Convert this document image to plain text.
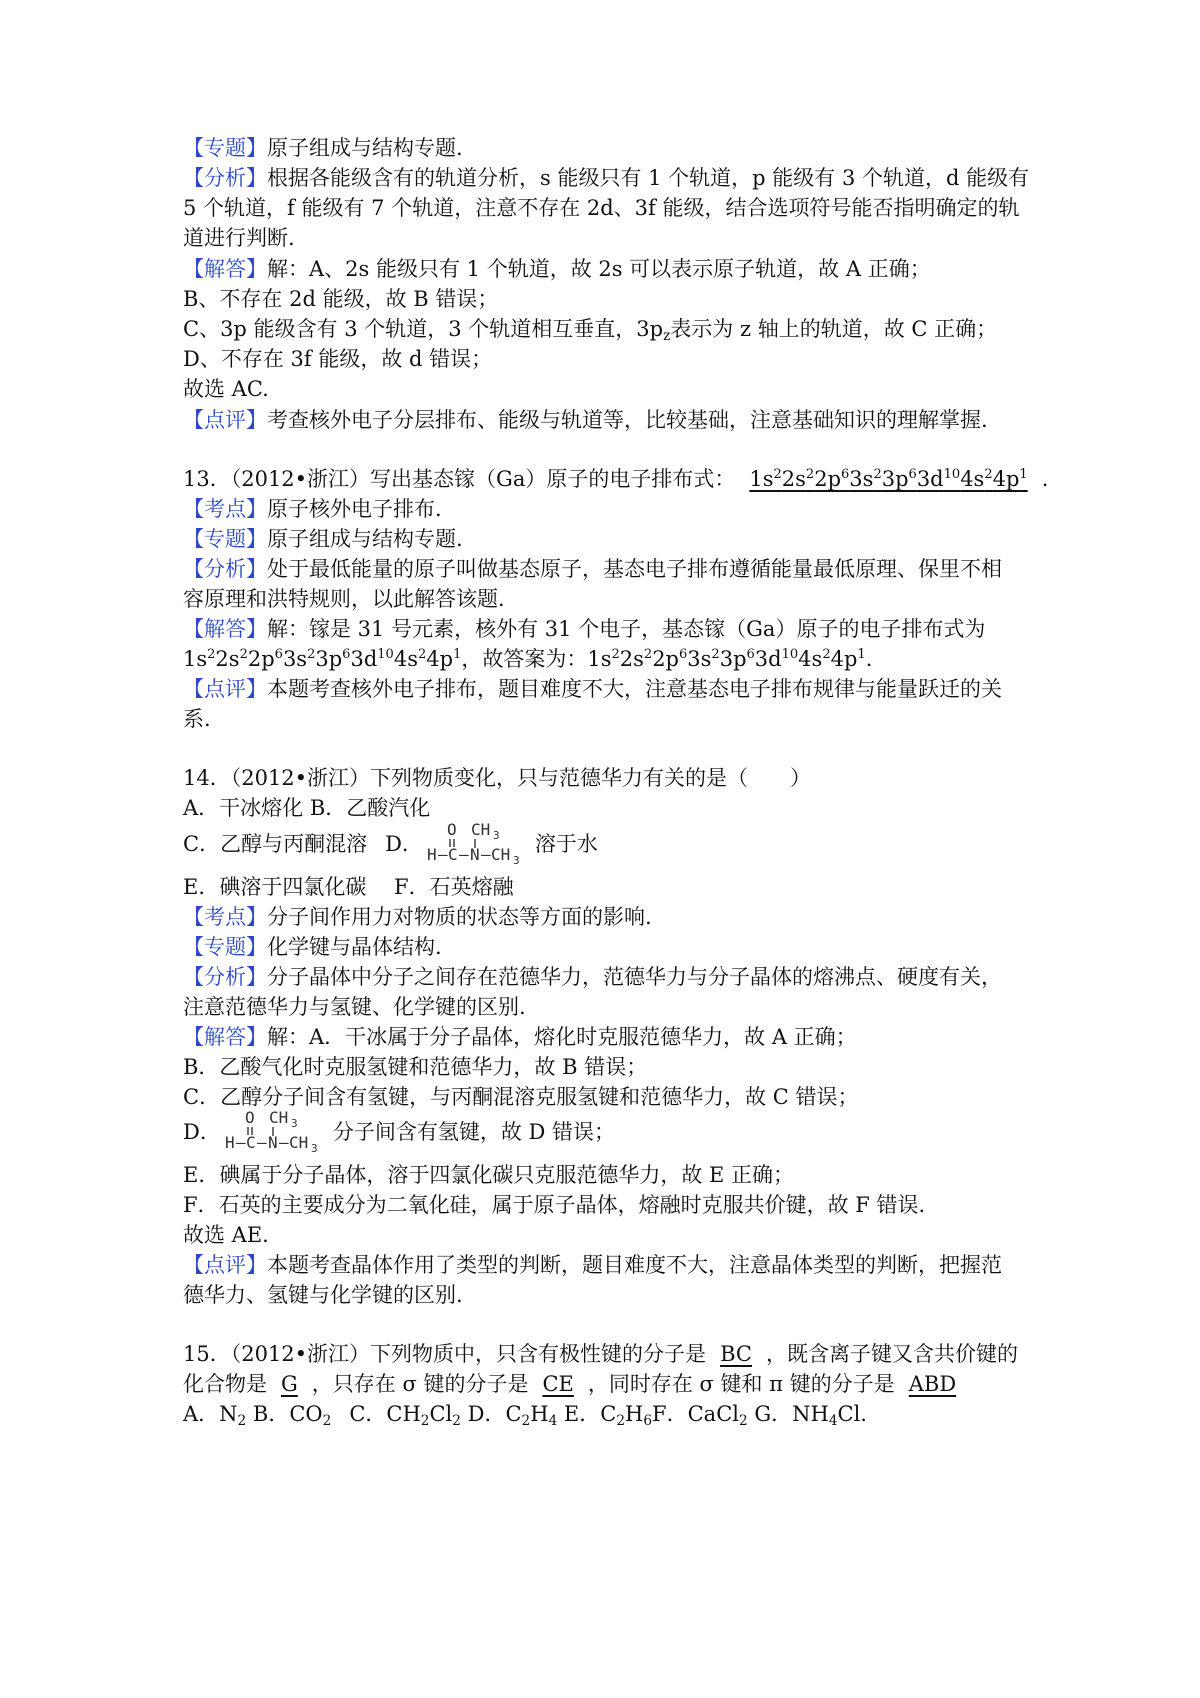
【专题】原子组成与结构专题.
【分析】根据各能级含有的轨道分析，s 能级只有 1 个轨道，p 能级有 3 个轨道，d 能级有
5 个轨道，f 能级有 7 个轨道，注意不存在 2d、3f 能级，结合选项符号能否指明确定的轨
道进行判断.
【解答】解：A、2s 能级只有 1 个轨道，故 2s 可以表示原子轨道，故 A 正确；
B、不存在 2d 能级，故 B 错误；
C、3p 能级含有 3 个轨道，3 个轨道相互垂直，$3p_z$表示为 z 轴上的轨道，故 C 正确；
D、不存在 3f 能级，故 d 错误；
故选 AC.
【点评】考查核外电子分层排布、能级与轨道等，比较基础，注意基础知识的理解掌握.
13．（2012•浙江）写出基态镓（Ga）原子的电子排布式： $1s^22s^22p^63s^23p^63d^{10}4s^24p^1$ .
【考点】原子核外电子排布.
【专题】原子组成与结构专题.
【分析】处于最低能量的原子叫做基态原子，基态电子排布遵循能量最低原理、保里不相
容原理和洪特规则，以此解答该题.
【解答】解：镓是 31 号元素，核外有 31 个电子，基态镓（Ga）原子的电子排布式为
$1s^22s^22p^63s^23p^63d^{10}4s^24p^1$，故答案为：$1s^22s^22p^63s^23p^63d^{10}4s^24p^1$.
【点评】本题考查核外电子排布，题目难度不大，注意基态电子排布规律与能量跃迁的关
系.
14．（2012•浙江）下列物质变化，只与范德华力有关的是（　　）
A．干冰熔化 B．乙酸汽化
C．乙醇与丙酮混溶 D．
O CH 3
H – C – N – CH 3
溶于水
E．碘溶于四氯化碳　 F．石英熔融
【考点】分子间作用力对物质的状态等方面的影响.
【专题】化学键与晶体结构.
【分析】分子晶体中分子之间存在范德华力，范德华力与分子晶体的熔沸点、硬度有关，
注意范德华力与氢键、化学键的区别.
【解答】解：A．干冰属于分子晶体，熔化时克服范德华力，故 A 正确；
B．乙酸气化时克服氢键和范德华力，故 B 错误；
C．乙醇分子间含有氢键，与丙酮混溶克服氢键和范德华力，故 C 错误；
D．
O CH 3
H – C – N – CH 3
分子间含有氢键，故 D 错误；
E．碘属于分子晶体，溶于四氯化碳只克服范德华力，故 E 正确；
F．石英的主要成分为二氧化硅，属于原子晶体，熔融时克服共价键，故 F 错误.
故选 AE.
【点评】本题考查晶体作用了类型的判断，题目难度不大，注意晶体类型的判断，把握范
德华力、氢键与化学键的区别.
15．（2012•浙江）下列物质中，只含有极性键的分子是 BC ，既含离子键又含共价键的
化合物是 G ，只存在 σ 键的分子是 CE ，同时存在 σ 键和 π 键的分子是 ABD
A．$N_2$ B．$CO_2$ C．$CH_2Cl_2$ D．$C_2H_4$ E．$C_2H_6F$．CaCl$_2$ G．$NH_4Cl$.
